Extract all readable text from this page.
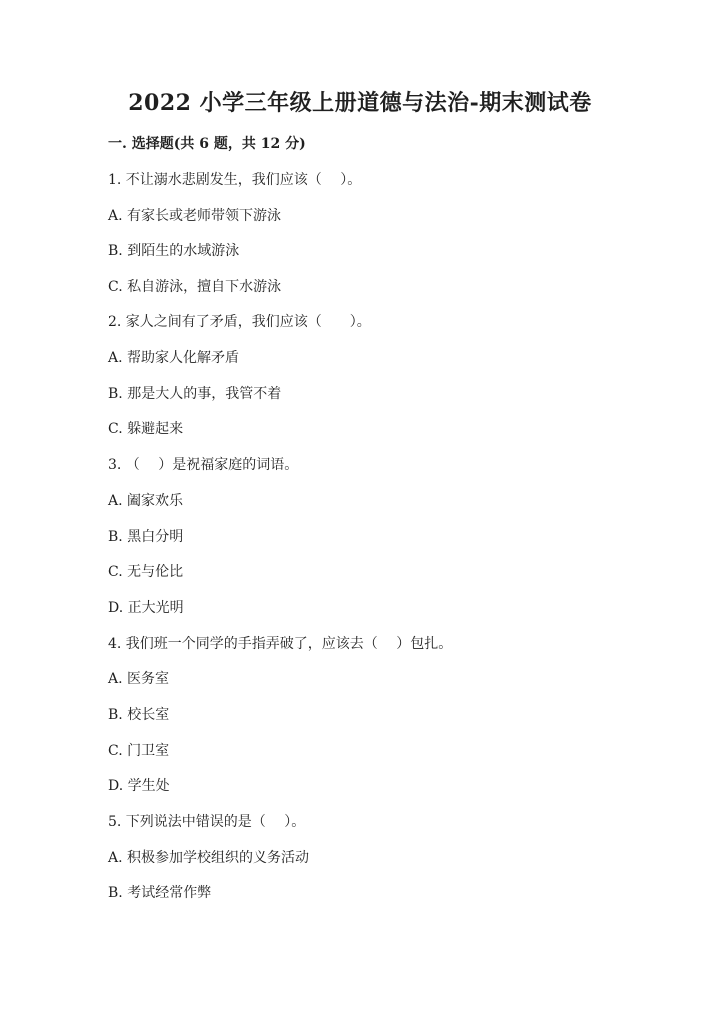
2022 小学三年级上册道德与法治-期末测试卷
一. 选择题(共 6 题，共 12 分)
1. 不让溺水悲剧发生，我们应该（　 ）。
A. 有家长或老师带领下游泳
B. 到陌生的水域游泳
C. 私自游泳，擅自下水游泳
2. 家人之间有了矛盾，我们应该（　　）。
A. 帮助家人化解矛盾
B. 那是大人的事，我管不着
C. 躲避起来
3. （　 ）是祝福家庭的词语。
A. 阖家欢乐
B. 黑白分明
C. 无与伦比
D. 正大光明
4. 我们班一个同学的手指弄破了，应该去（　 ）包扎。
A. 医务室
B. 校长室
C. 门卫室
D. 学生处
5. 下列说法中错误的是（　 ）。
A. 积极参加学校组织的义务活动
B. 考试经常作弊
